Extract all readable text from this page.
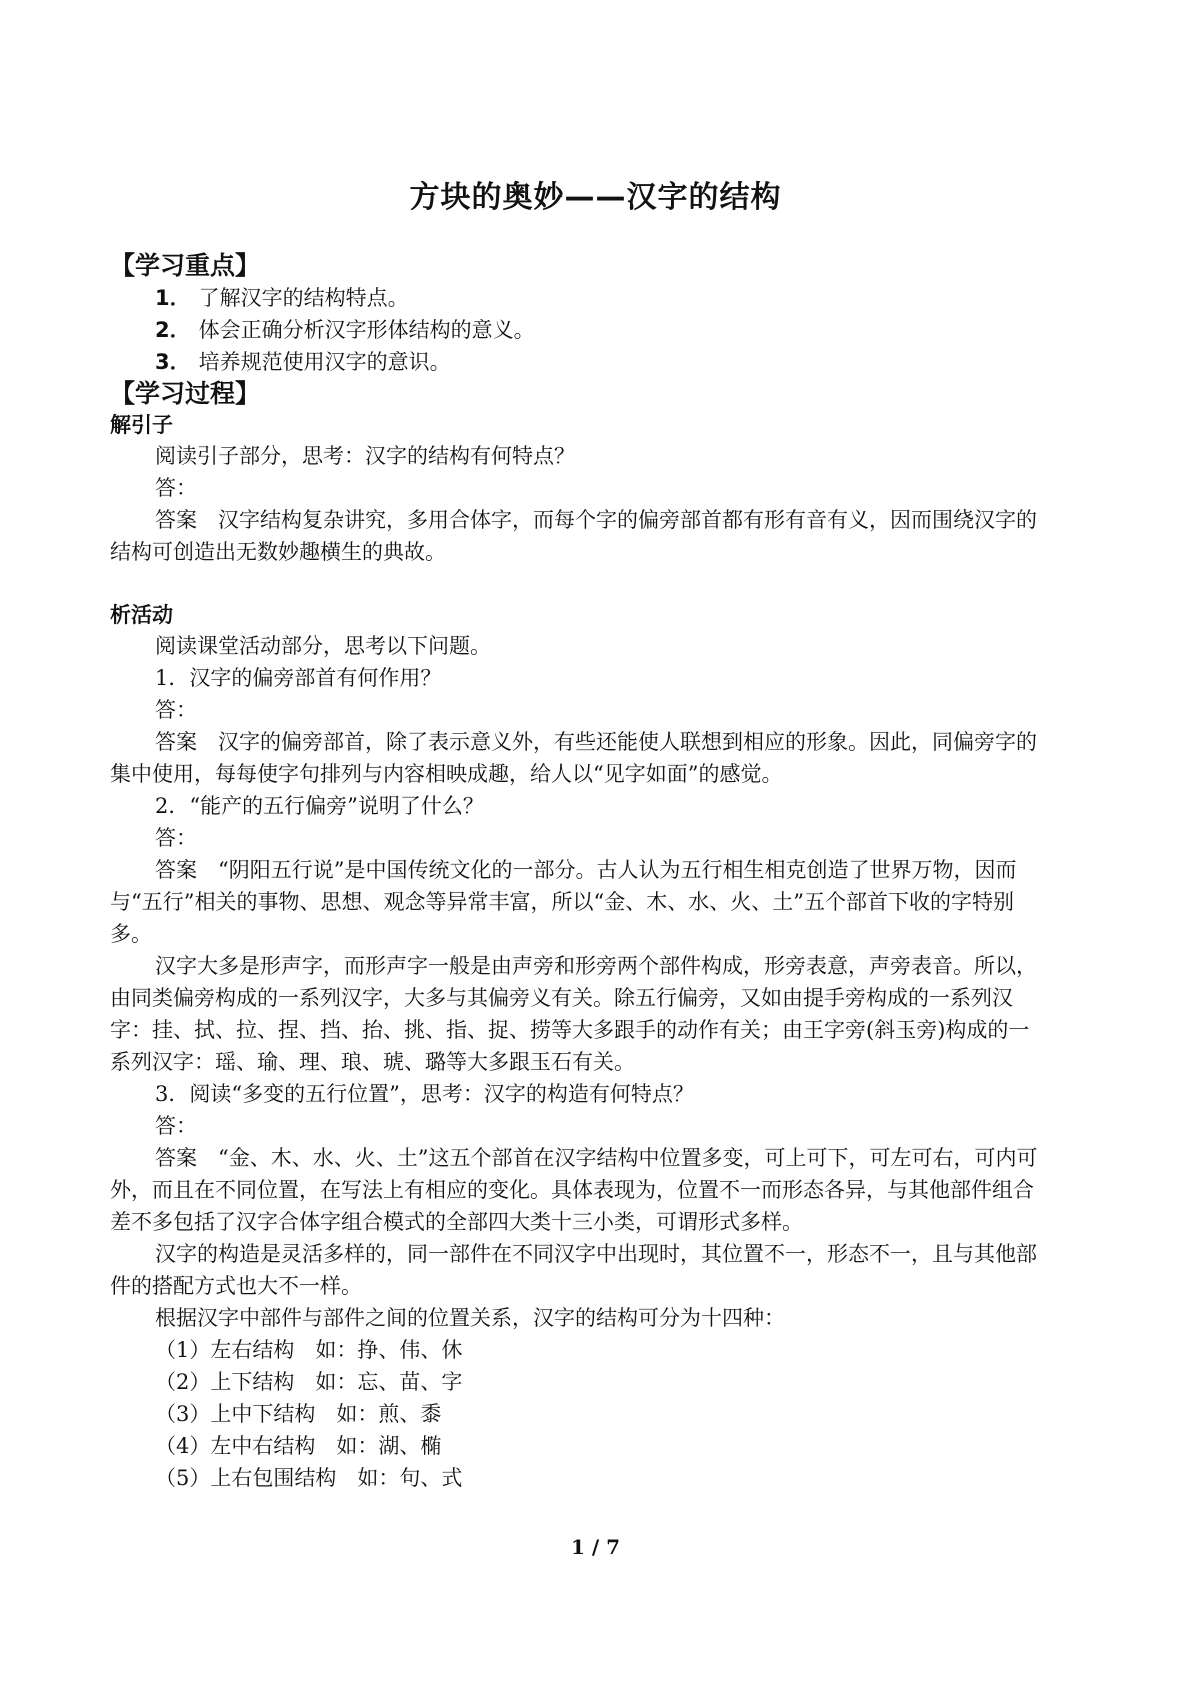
方块的奥妙——汉字的结构
【学习重点】
1． 了解汉字的结构特点。
2． 体会正确分析汉字形体结构的意义。
3． 培养规范使用汉字的意识。
【学习过程】
解引子
阅读引子部分，思考：汉字的结构有何特点？
答：
答案　汉字结构复杂讲究，多用合体字，而每个字的偏旁部首都有形有音有义，因而围绕汉字的结构可创造出无数妙趣横生的典故。
析活动
阅读课堂活动部分，思考以下问题。
1．汉字的偏旁部首有何作用？
答：
答案　汉字的偏旁部首，除了表示意义外，有些还能使人联想到相应的形象。因此，同偏旁字的集中使用，每每使字句排列与内容相映成趣，给人以“见字如面”的感觉。
2．“能产的五行偏旁”说明了什么？
答：
答案　“阴阳五行说”是中国传统文化的一部分。古人认为五行相生相克创造了世界万物，因而与“五行”相关的事物、思想、观念等异常丰富，所以“金、木、水、火、土”五个部首下收的字特别多。
汉字大多是形声字，而形声字一般是由声旁和形旁两个部件构成，形旁表意，声旁表音。所以，由同类偏旁构成的一系列汉字，大多与其偏旁义有关。除五行偏旁，又如由提手旁构成的一系列汉字：挂、拭、拉、捏、挡、抬、挑、指、捉、捞等大多跟手的动作有关；由王字旁(斜玉旁)构成的一系列汉字：瑶、瑜、理、琅、琥、璐等大多跟玉石有关。
3．阅读“多变的五行位置”，思考：汉字的构造有何特点？
答：
答案　“金、木、水、火、土”这五个部首在汉字结构中位置多变，可上可下，可左可右，可内可外，而且在不同位置，在写法上有相应的变化。具体表现为，位置不一而形态各异，与其他部件组合差不多包括了汉字合体字组合模式的全部四大类十三小类，可谓形式多样。
汉字的构造是灵活多样的，同一部件在不同汉字中出现时，其位置不一，形态不一，且与其他部件的搭配方式也大不一样。
根据汉字中部件与部件之间的位置关系，汉字的结构可分为十四种：
（1）左右结构　如：挣、伟、休
（2）上下结构　如：忘、苗、字
（3）上中下结构　如：煎、黍
（4）左中右结构　如：湖、椭
（5）上右包围结构　如：句、式
1 / 7
